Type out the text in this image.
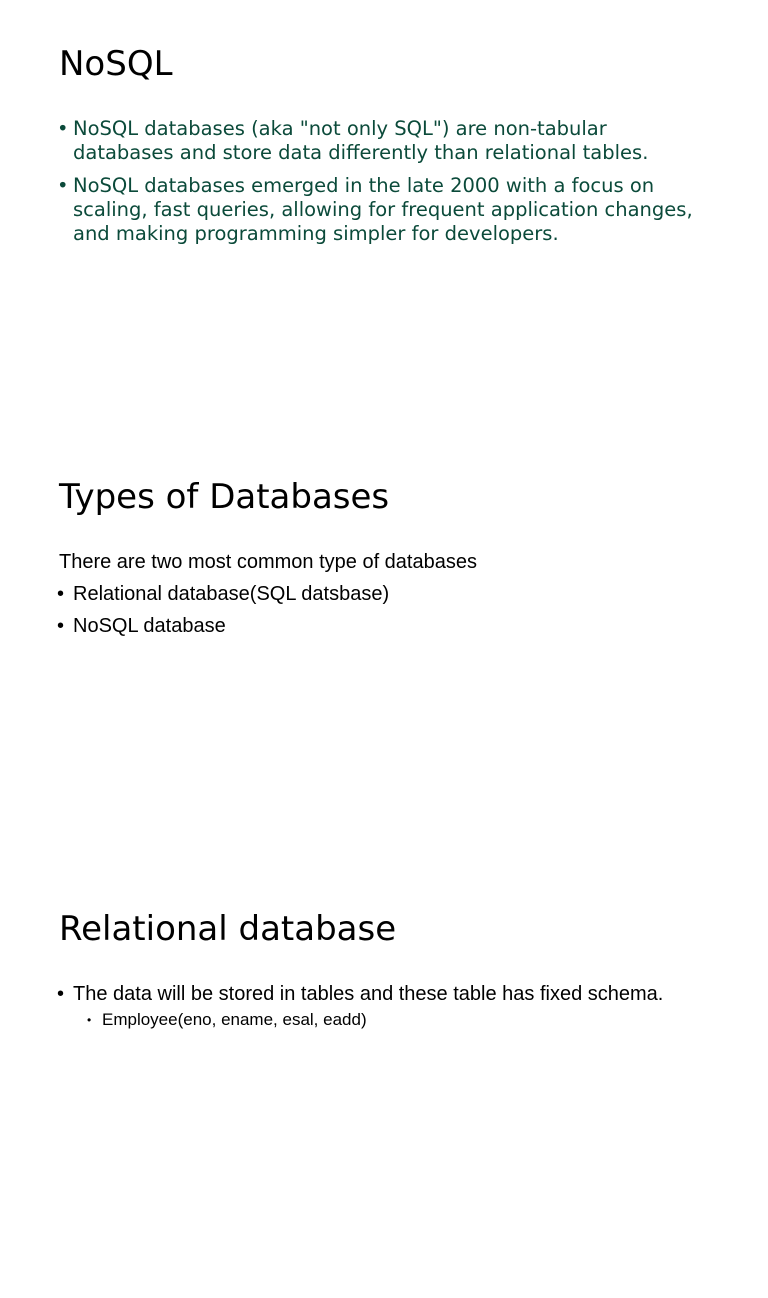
NoSQL
• NoSQL databases (aka "not only SQL") are non-tabular databases and store data differently than relational tables.
• NoSQL databases emerged in the late 2000 with a focus on scaling, fast queries, allowing for frequent application changes, and making programming simpler for developers.
Types of Databases

There are two most common type of databases

• Relational database(SQL datsbase)
• NoSQL database
Relational database
• The data will be stored in tables and these table has fixed schema.
• Employee(eno, ename, esal, eadd)
